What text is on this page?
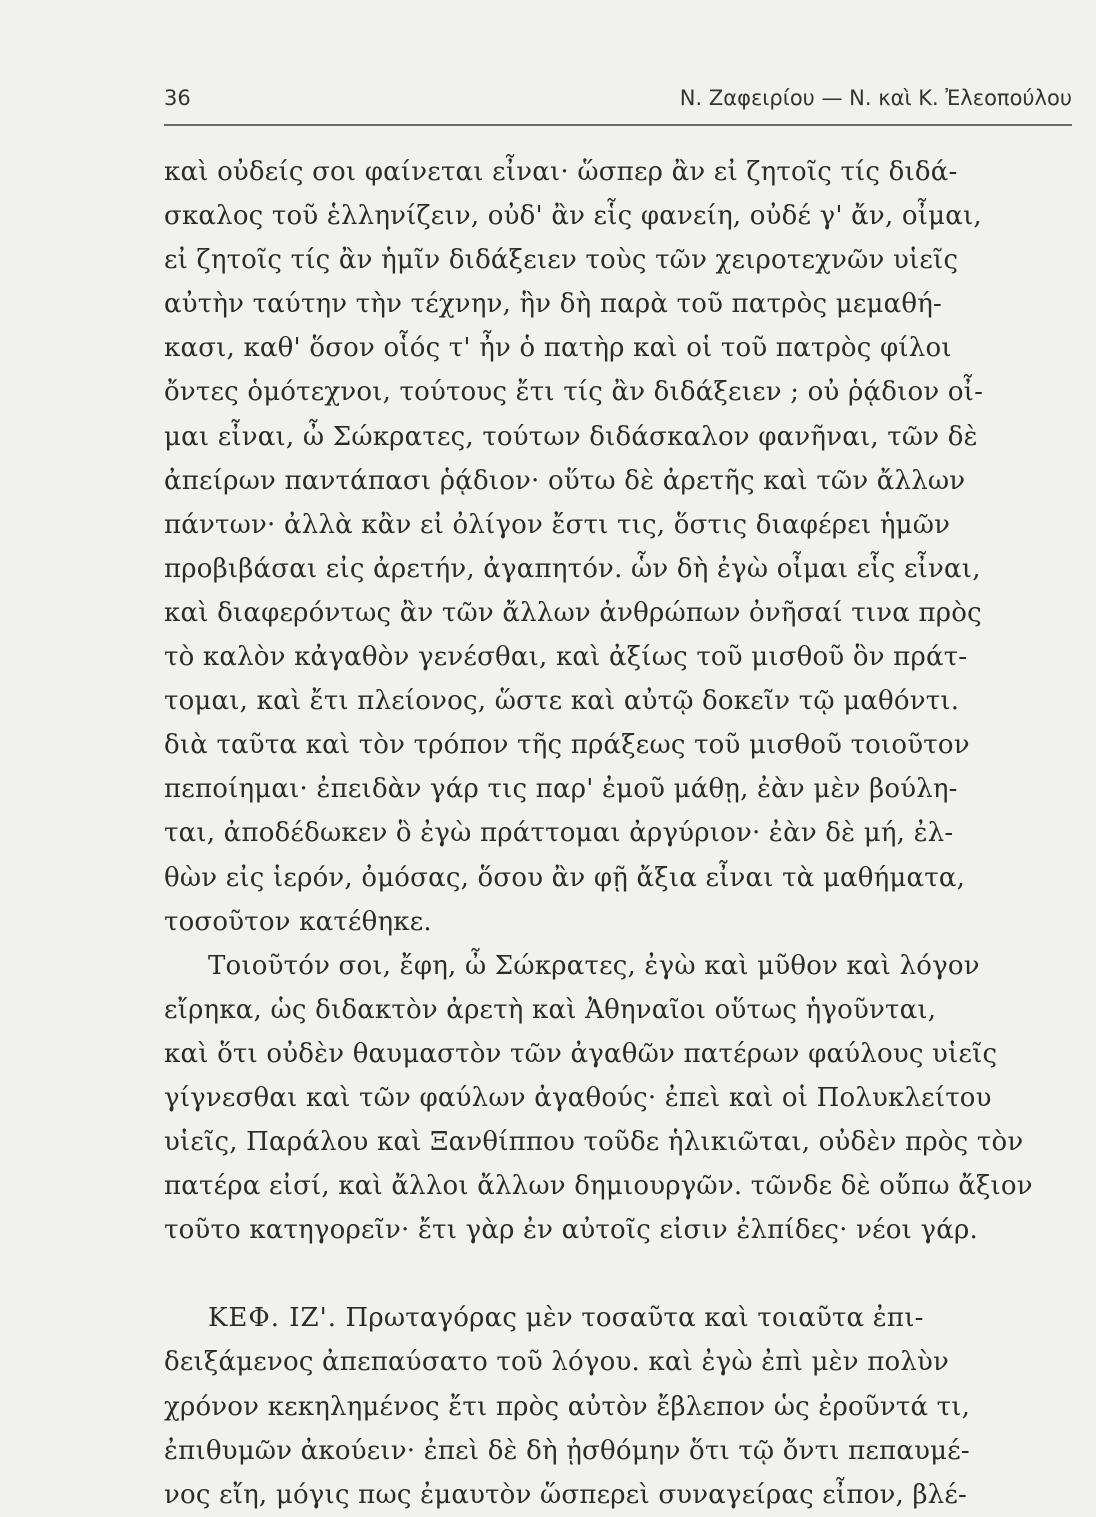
36	Ν. Ζαφειρίου — Ν. καὶ Κ. Ἐλεοπούλου
καὶ οὐδείς σοι φαίνεται εἶναι· ὥσπερ ἂν εἰ ζητοῖς τίς διδά-
σκαλος τοῦ ἑλληνίζειν, οὐδ' ἂν εἷς φανείη, οὐδέ γ' ἄν, οἶμαι,
εἰ ζητοῖς τίς ἂν ἡμῖν διδάξειεν τοὺς τῶν χειροτεχνῶν υἱεῖς
αὐτὴν ταύτην τὴν τέχνην, ἣν δὴ παρὰ τοῦ πατρὸς μεμαθή-
κασι, καθ' ὅσον οἷός τ' ἦν ὁ πατὴρ καὶ οἱ τοῦ πατρὸς φίλοι
ὄντες ὁμότεχνοι, τούτους ἔτι τίς ἂν διδάξειεν ; οὐ ῥᾴδιον οἶ-
μαι εἶναι, ὦ Σώκρατες, τούτων διδάσκαλον φανῆναι, τῶν δὲ
ἀπείρων παντάπασι ῥᾴδιον· οὕτω δὲ ἀρετῆς καὶ τῶν ἄλλων
πάντων· ἀλλὰ κἂν εἰ ὀλίγον ἔστι τις, ὅστις διαφέρει ἡμῶν
προβιβάσαι εἰς ἀρετήν, ἀγαπητόν. ὧν δὴ ἐγὼ οἶμαι εἷς εἶναι,
καὶ διαφερόντως ἂν τῶν ἄλλων ἀνθρώπων ὀνῆσαί τινα πρὸς
τὸ καλὸν κἀγαθὸν γενέσθαι, καὶ ἀξίως τοῦ μισθοῦ ὃν πράτ-
τομαι, καὶ ἔτι πλείονος, ὥστε καὶ αὐτῷ δοκεῖν τῷ μαθόντι.
διὰ ταῦτα καὶ τὸν τρόπον τῆς πράξεως τοῦ μισθοῦ τοιοῦτον
πεποίημαι· ἐπειδὰν γάρ τις παρ' ἐμοῦ μάθῃ, ἐὰν μὲν βούλη-
ται, ἀποδέδωκεν ὃ ἐγὼ πράττομαι ἀργύριον· ἐὰν δὲ μή, ἐλ-
θὼν εἰς ἱερόν, ὀμόσας, ὅσου ἂν φῇ ἄξια εἶναι τὰ μαθήματα,
τοσοῦτον κατέθηκε.
Τοιοῦτόν σοι, ἔφη, ὦ Σώκρατες, ἐγὼ καὶ μῦθον καὶ λόγον
εἴρηκα, ὡς διδακτὸν ἀρετὴ καὶ Ἀθηναῖοι οὕτως ἡγοῦνται,
καὶ ὅτι οὐδὲν θαυμαστὸν τῶν ἀγαθῶν πατέρων φαύλους υἱεῖς
γίγνεσθαι καὶ τῶν φαύλων ἀγαθούς· ἐπεὶ καὶ οἱ Πολυκλείτου
υἱεῖς, Παράλου καὶ Ξανθίππου τοῦδε ἡλικιῶται, οὐδὲν πρὸς τὸν
πατέρα εἰσί, καὶ ἄλλοι ἄλλων δημιουργῶν. τῶνδε δὲ οὔπω ἄξιον
τοῦτο κατηγορεῖν· ἔτι γὰρ ἐν αὐτοῖς εἰσιν ἐλπίδες· νέοι γάρ.
ΚΕΦ. ΙΖ'. Πρωταγόρας μὲν τοσαῦτα καὶ τοιαῦτα ἐπι-
δειξάμενος ἀπεπαύσατο τοῦ λόγου. καὶ ἐγὼ ἐπὶ μὲν πολὺν
χρόνον κεκηλημένος ἔτι πρὸς αὐτὸν ἔβλεπον ὡς ἐροῦντά τι,
ἐπιθυμῶν ἀκούειν· ἐπεὶ δὲ δὴ ᾐσθόμην ὅτι τῷ ὄντι πεπαυμέ-
νος εἴη, μόγις πως ἐμαυτὸν ὥσπερεὶ συναγείρας εἶπον, βλέ-
